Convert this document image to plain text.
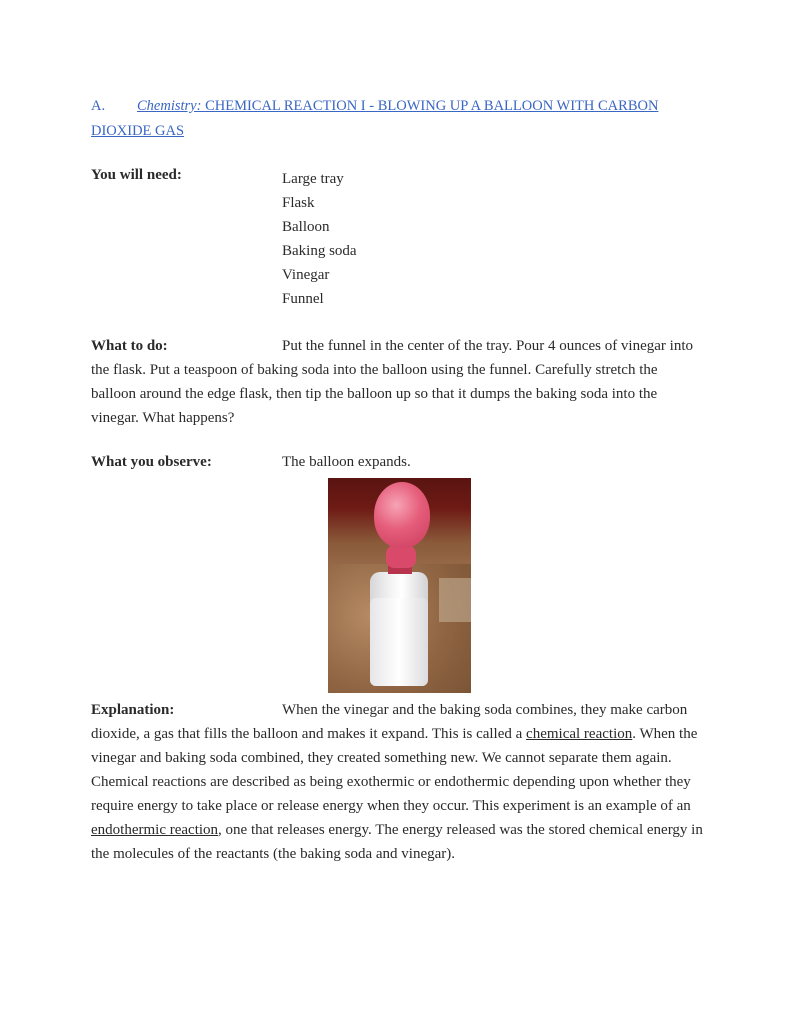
A. Chemistry: CHEMICAL REACTION I - BLOWING UP A BALLOON WITH CARBON DIOXIDE GAS
You will need:	Large tray
Flask
Balloon
Baking soda
Vinegar
Funnel
What to do:	Put the funnel in the center of the tray. Pour 4 ounces of vinegar into the flask. Put a teaspoon of baking soda into the balloon using the funnel. Carefully stretch the balloon around the edge flask, then tip the balloon up so that it dumps the baking soda into the vinegar. What happens?
What you observe:	The balloon expands.
Explanation:	When the vinegar and the baking soda combines, they make carbon dioxide, a gas that fills the balloon and makes it expand. This is called a chemical reaction. When the vinegar and baking soda combined, they created something new. We cannot separate them again. Chemical reactions are described as being exothermic or endothermic depending upon whether they require energy to take place or release energy when they occur. This experiment is an example of an endothermic reaction, one that releases energy. The energy released was the stored chemical energy in the molecules of the reactants (the baking soda and vinegar).
